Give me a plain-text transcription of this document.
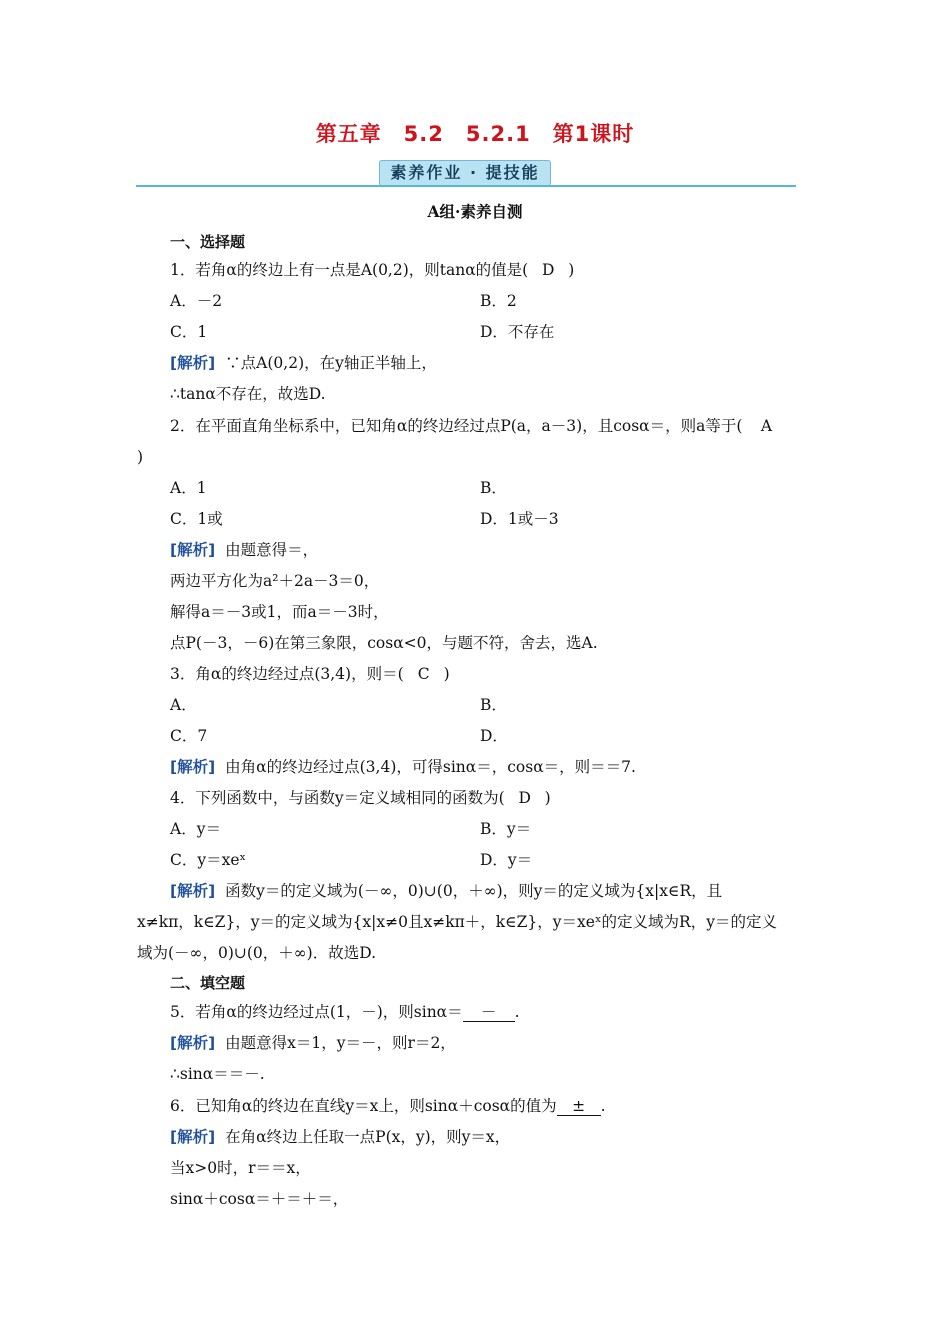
第五章　5.2　5.2.1　第1课时
素养作业 · 提技能
A组·素养自测
一、选择题
1．若角α的终边上有一点是A(0,2)，则tanα的值是( D )
A．－2	B．2
C．1	D．不存在
[解析] ∵点A(0,2)，在y轴正半轴上，
∴tanα不存在，故选D.
2．在平面直角坐标系中，已知角α的终边经过点P(a，a－3)，且cosα＝，则a等于( A
)
A．1	B．
C．1或	D．1或－3
[解析] 由题意得＝，
两边平方化为a²＋2a－3＝0，
解得a＝－3或1，而a＝－3时，
点P(－3，－6)在第三象限，cosα<0，与题不符，舍去，选A.
3．角α的终边经过点(3,4)，则＝( C )
A．	B．
C．7	D．
[解析] 由角α的终边经过点(3,4)，可得sinα＝，cosα＝，则＝＝7.
4．下列函数中，与函数y＝定义域相同的函数为( D )
A．y＝	B．y＝
C．y＝xeˣ	D．y＝
[解析] 函数y＝的定义域为(－∞，0)∪(0，＋∞)，则y＝的定义域为{x|x∈R，且
x≠kπ，k∈Z}，y＝的定义域为{x|x≠0且x≠kπ＋，k∈Z}，y＝xeˣ的定义域为R，y＝的定义
域为(－∞，0)∪(0，＋∞)．故选D.
二、填空题
5．若角α的终边经过点(1，－)，则sinα＝ － .
[解析] 由题意得x＝1，y＝－，则r＝2，
∴sinα＝＝－.
6．已知角α的终边在直线y＝x上，则sinα＋cosα的值为 ± .
[解析] 在角α终边上任取一点P(x，y)，则y＝x，
当x>0时，r＝＝x，
sinα＋cosα＝＋＝＋＝，
